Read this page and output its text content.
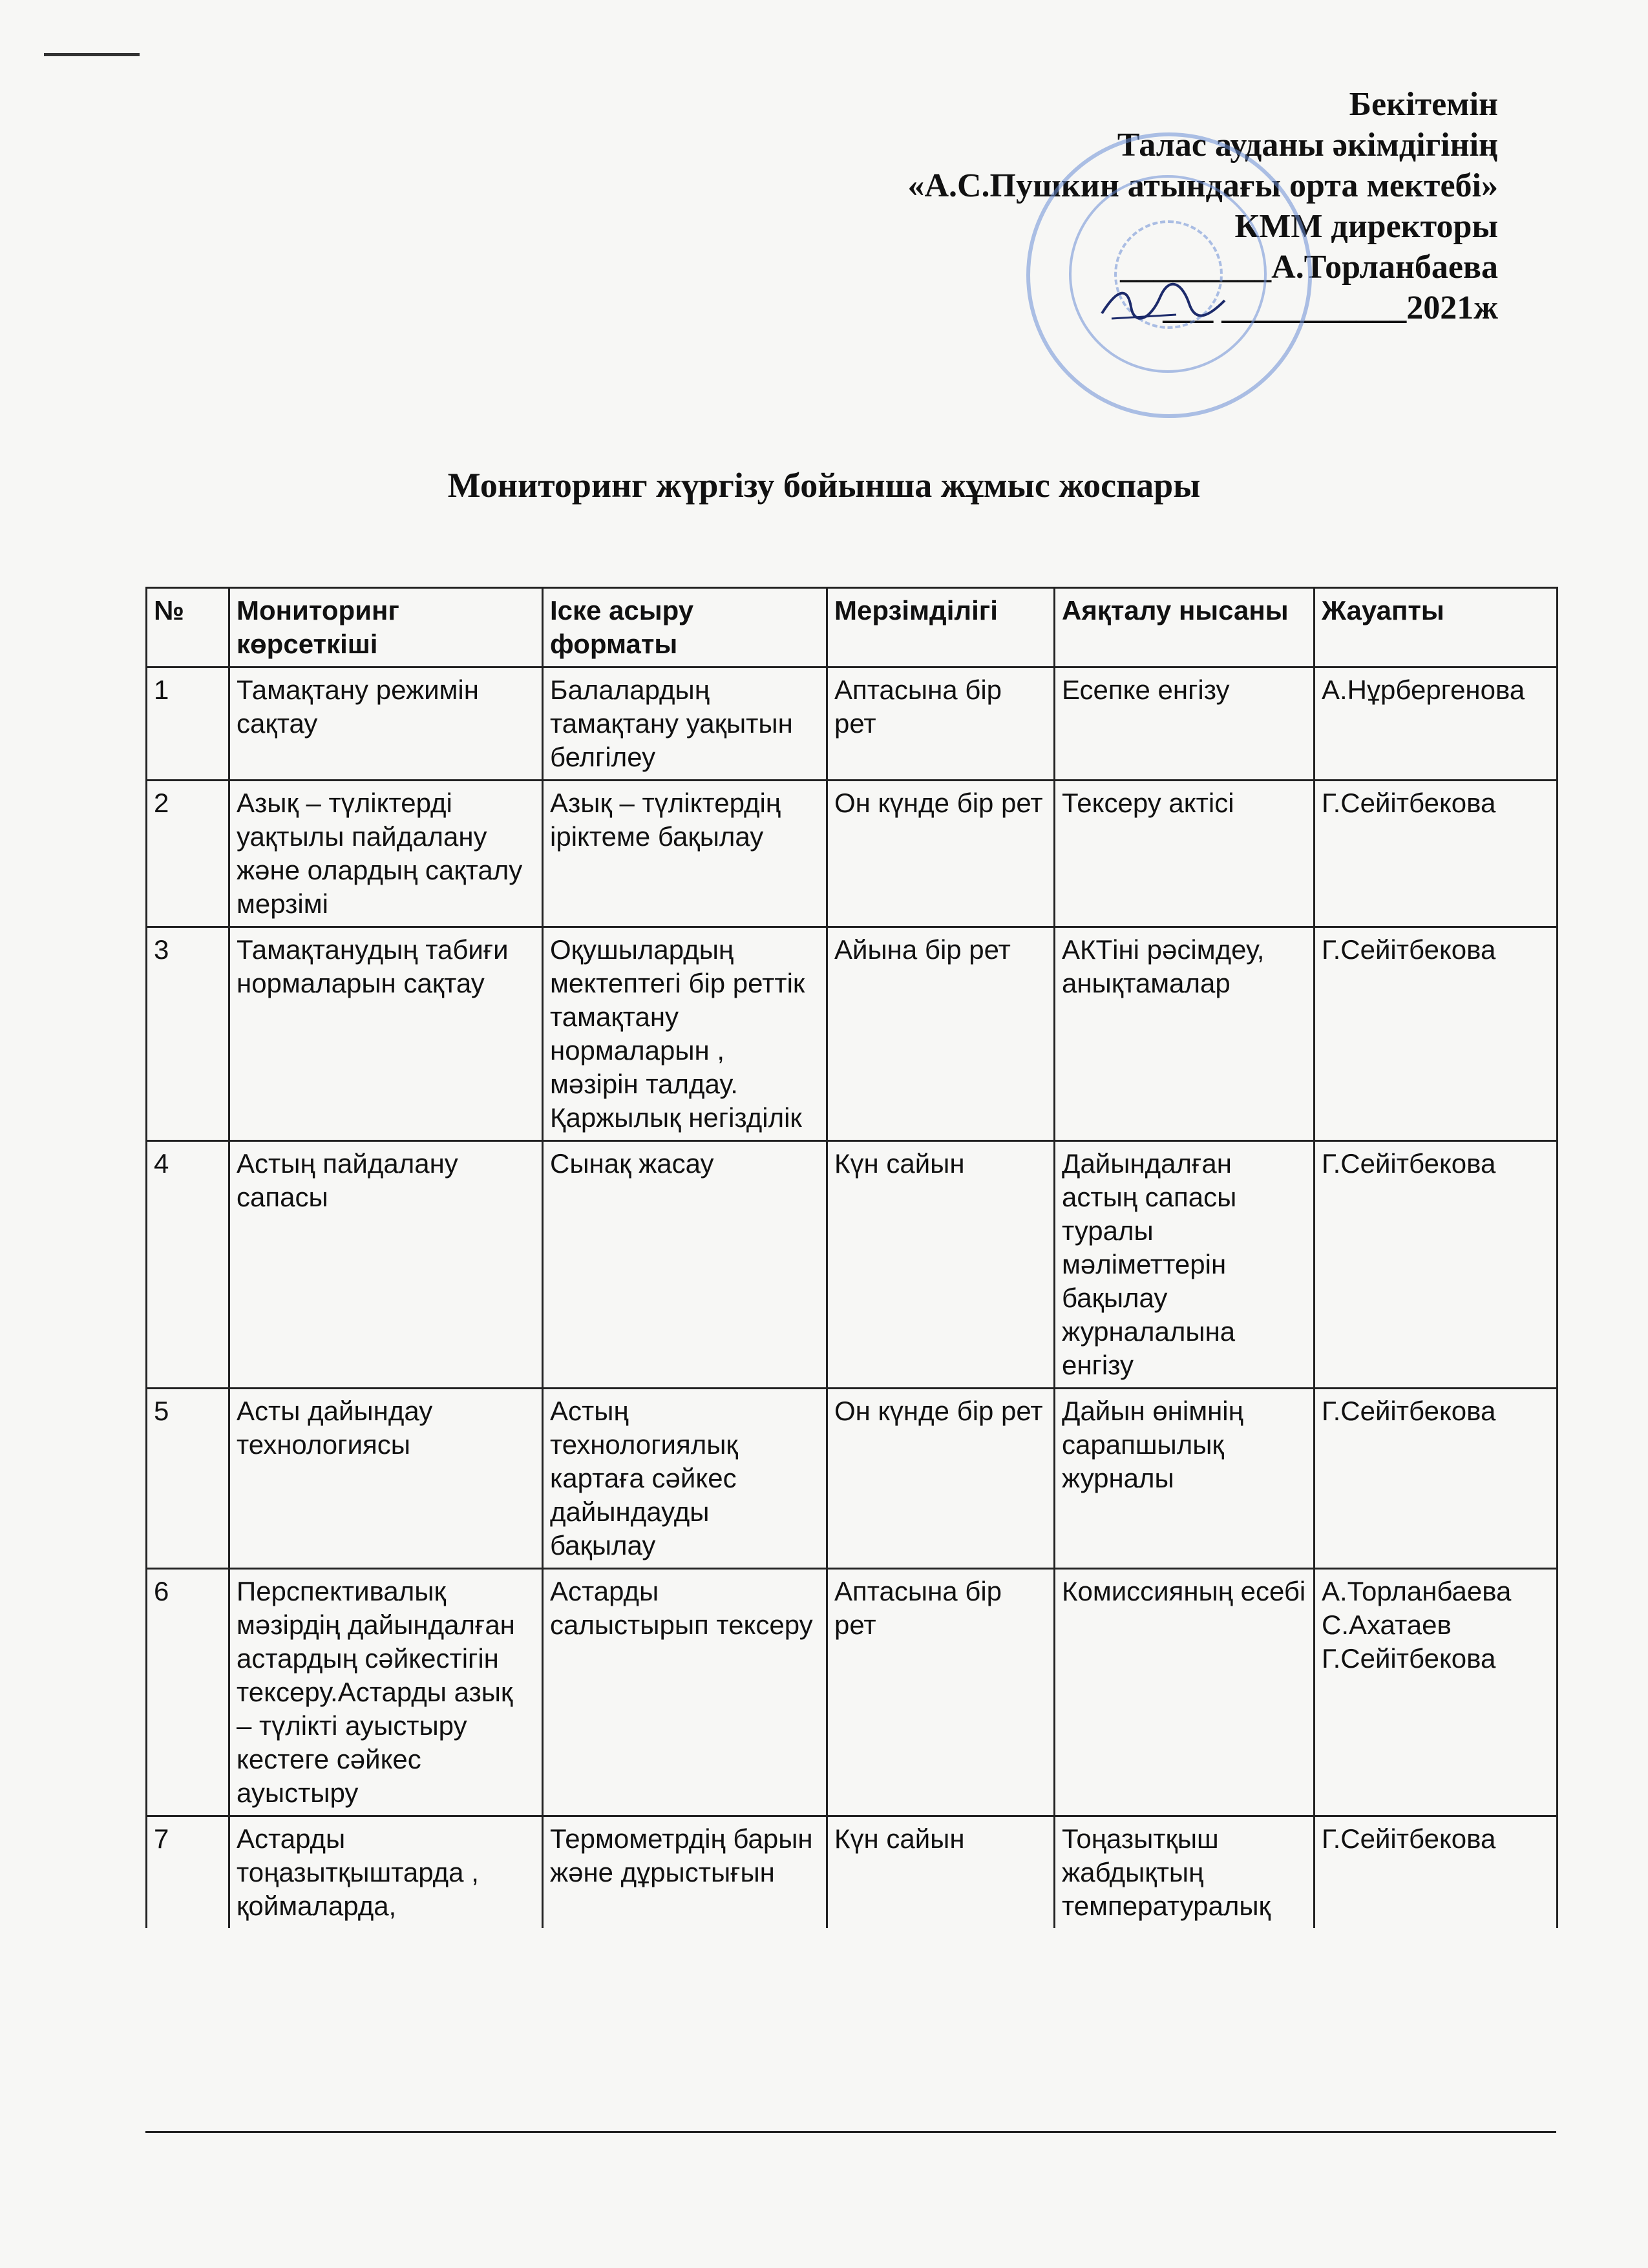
Бекітемін
Талас ауданы әкімдігінің
«А.С.Пушкин атындағы орта мектебі»
КММ директоры
_________А.Торланбаева
___ ___________2021ж
Мониторинг жүргізу бойынша жұмыс жоспары
№	Мониторинг көрсеткіші	Іске асыру форматы	Мерзімділігі	Аяқталу нысаны	Жауапты
1	Тамақтану режимін сақтау	Балалардың тамақтану уақытын белгілеу	Аптасына бір рет	Есепке енгізу	А.Нұрбергенова
2	Азық – түліктерді уақтылы пайдалану және олардың сақталу мерзімі	Азық – түліктердің іріктеме бақылау	Он күнде бір рет	Тексеру актісі	Г.Сейітбекова
3	Тамақтанудың табиғи нормаларын сақтау	Оқушылардың мектептегі бір реттік тамақтану нормаларын , мәзірін талдау. Қаржылық негізділік	Айына бір рет	АКТіні рәсімдеу, анықтамалар	Г.Сейітбекова
4	Астың пайдалану сапасы	Сынақ жасау	Күн сайын	Дайындалған астың сапасы туралы мәліметтерін бақылау журналалына енгізу	Г.Сейітбекова
5	Асты дайындау технологиясы	Астың технологиялық картаға сәйкес дайындауды бақылау	Он күнде бір рет	Дайын өнімнің сарапшылық журналы	Г.Сейітбекова
6	Перспективалық мәзірдің дайындалған астардың сәйкестігін тексеру.Астарды азық – түлікті ауыстыру кестеге сәйкес ауыстыру	Астарды салыстырып тексеру	Аптасына бір рет	Комиссияның есебі	А.Торланбаева С.Ахатаев Г.Сейітбекова
7	Астарды тоңазытқыштарда , қоймаларда,	Термометрдің барын және дұрыстығын	Күн сайын	Тоңазытқыш жабдықтың температуралық	Г.Сейітбекова
